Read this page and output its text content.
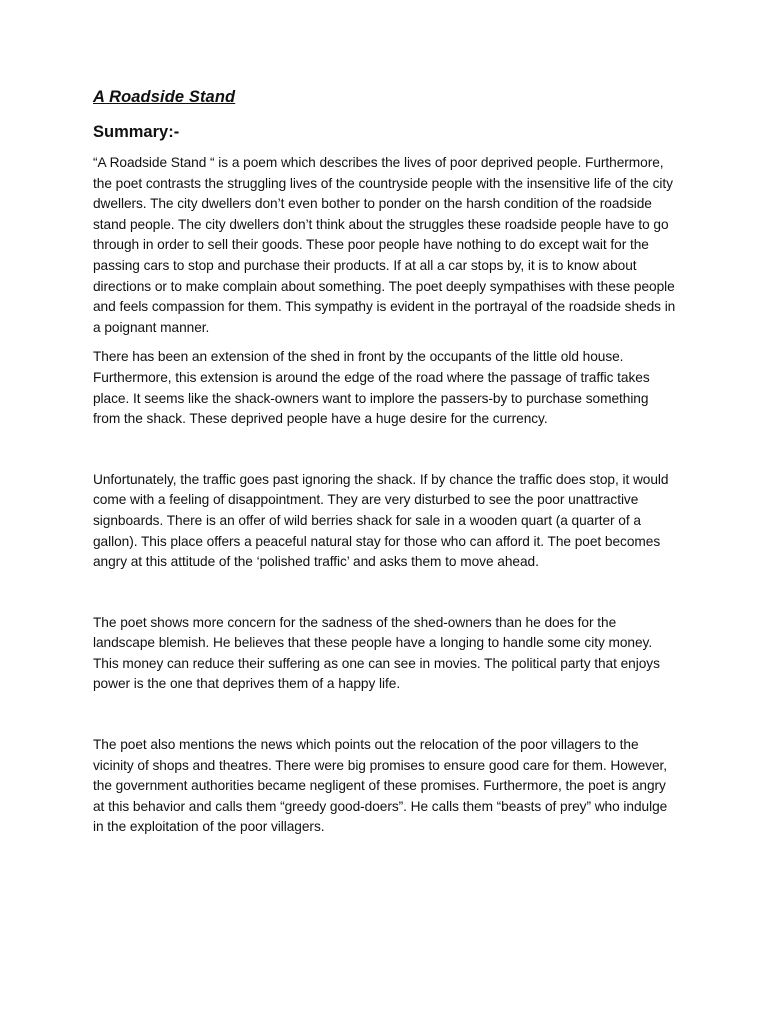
A Roadside Stand
Summary:-

“A Roadside Stand “ is a poem which describes the lives of poor deprived people. Furthermore, the poet contrasts the struggling lives of the countryside people with the insensitive life of the city dwellers. The city dwellers don’t even bother to ponder on the harsh condition of the roadside stand people. The city dwellers don’t think about the struggles these roadside people have to go through in order to sell their goods. These poor people have nothing to do except wait for the passing cars to stop and purchase their products. If at all a car stops by, it is to know about directions or to make complain about something. The poet deeply sympathises with these people and feels compassion for them. This sympathy is evident in the portrayal of the roadside sheds in a poignant manner.

There has been an extension of the shed in front by the occupants of the little old house. Furthermore, this extension is around the edge of the road where the passage of traffic takes place. It seems like the shack-owners want to implore the passers-by to purchase something from the shack. These deprived people have a huge desire for the currency.

Unfortunately, the traffic goes past ignoring the shack. If by chance the traffic does stop, it would come with a feeling of disappointment. They are very disturbed to see the poor unattractive signboards. There is an offer of wild berries shack for sale in a wooden quart (a quarter of a gallon). This place offers a peaceful natural stay for those who can afford it. The poet becomes angry at this attitude of the ‘polished traffic’ and asks them to move ahead.

The poet shows more concern for the sadness of the shed-owners than he does for the landscape blemish. He believes that these people have a longing to handle some city money. This money can reduce their suffering as one can see in movies. The political party that enjoys power is the one that deprives them of a happy life.

The poet also mentions the news which points out the relocation of the poor villagers to the vicinity of shops and theatres. There were big promises to ensure good care for them. However, the government authorities became negligent of these promises. Furthermore, the poet is angry at this behavior and calls them “greedy good-doers”. He calls them “beasts of prey” who indulge in the exploitation of the poor villagers.
